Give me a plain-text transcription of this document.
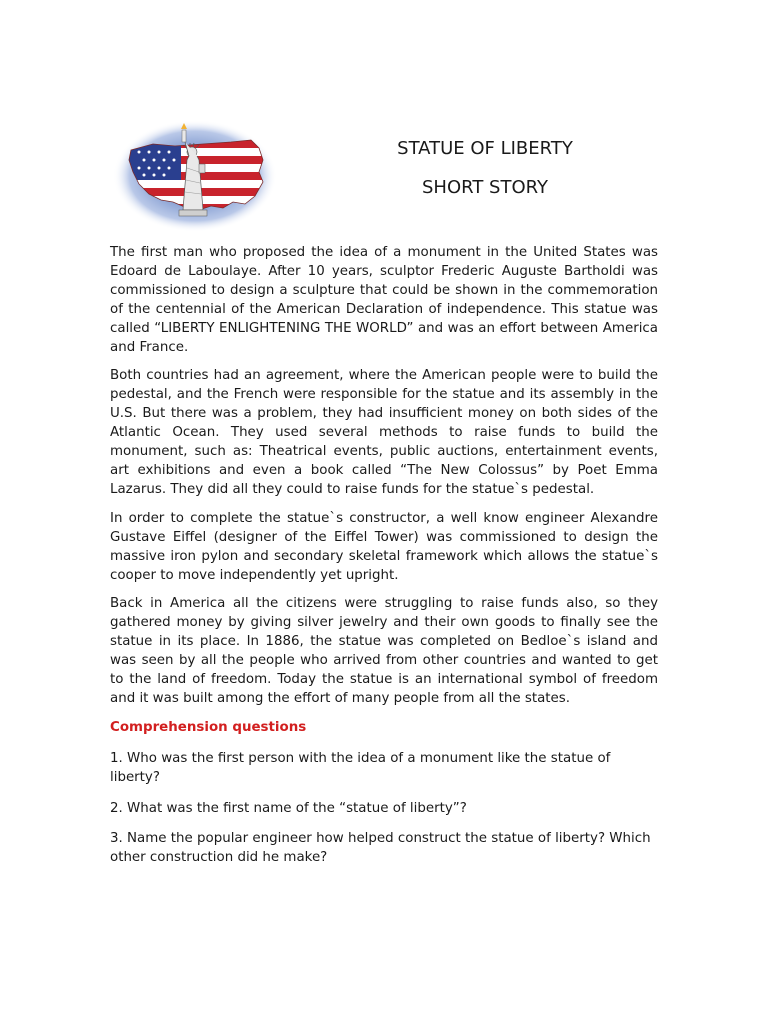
STATUE OF LIBERTY
SHORT STORY

The first man who proposed the idea of a monument in the United States was Edoard de Laboulaye. After 10 years, sculptor Frederic Auguste Bartholdi was commissioned to design a sculpture that could be shown in the commemoration of the centennial of the American Declaration of independence. This statue was called “LIBERTY ENLIGHTENING THE WORLD” and was an effort between America and France.

Both countries had an agreement, where the American people were to build the pedestal, and the French were responsible for the statue and its assembly in the U.S. But there was a problem, they had insufficient money on both sides of the Atlantic Ocean. They used several methods to raise funds to build the monument, such as: Theatrical events, public auctions, entertainment events, art exhibitions and even a book called “The New Colossus” by Poet Emma Lazarus. They did all they could to raise funds for the statue`s pedestal.

In order to complete the statue`s constructor, a well know engineer Alexandre Gustave Eiffel (designer of the Eiffel Tower) was commissioned to design the massive iron pylon and secondary skeletal framework which allows the statue`s cooper to move independently yet upright.

Back in America all the citizens were struggling to raise funds also, so they gathered money by giving silver jewelry and their own goods to finally see the statue in its place. In 1886, the statue was completed on Bedloe`s island and was seen by all the people who arrived from other countries and wanted to get to the land of freedom. Today the statue is an international symbol of freedom and it was built among the effort of many people from all the states.

Comprehension questions

1. Who was the first person with the idea of a monument like the statue of liberty?

2. What was the first name of the “statue of liberty”?

3. Name the popular engineer how helped construct the statue of liberty? Which other construction did he make?
